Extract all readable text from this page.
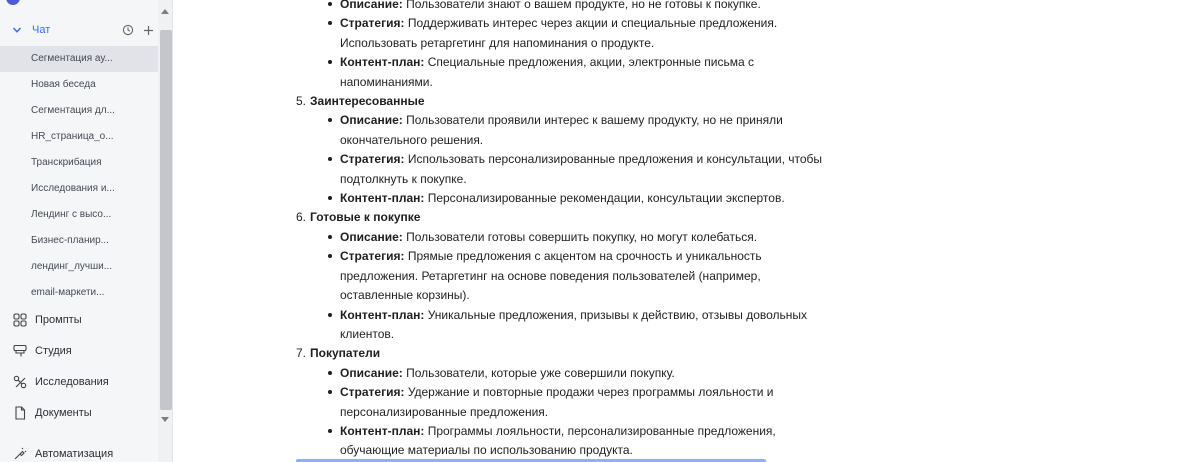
Чат
Сегментация ау...
Новая беседа
Сегментация дл...
HR_страница_о...
Транскрибация
Исследования и...
Лендинг с высо...
Бизнес-планир...
лендинг_лучши...
email-маркети...
Промпты
Студия
Исследования
Документы
Автоматизация
Описание: Пользователи знают о вашем продукте, но не готовы к покупке.
Стратегия: Поддерживать интерес через акции и специальные предложения. Использовать ретаргетинг для напоминания о продукте.
Контент-план: Специальные предложения, акции, электронные письма с напоминаниями.
5. Заинтересованные
Описание: Пользователи проявили интерес к вашему продукту, но не приняли окончательного решения.
Стратегия: Использовать персонализированные предложения и консультации, чтобы подтолкнуть к покупке.
Контент-план: Персонализированные рекомендации, консультации экспертов.
6. Готовые к покупке
Описание: Пользователи готовы совершить покупку, но могут колебаться.
Стратегия: Прямые предложения с акцентом на срочность и уникальность предложения. Ретаргетинг на основе поведения пользователей (например, оставленные корзины).
Контент-план: Уникальные предложения, призывы к действию, отзывы довольных клиентов.
7. Покупатели
Описание: Пользователи, которые уже совершили покупку.
Стратегия: Удержание и повторные продажи через программы лояльности и персонализированные предложения.
Контент-план: Программы лояльности, персонализированные предложения, обучающие материалы по использованию продукта.
